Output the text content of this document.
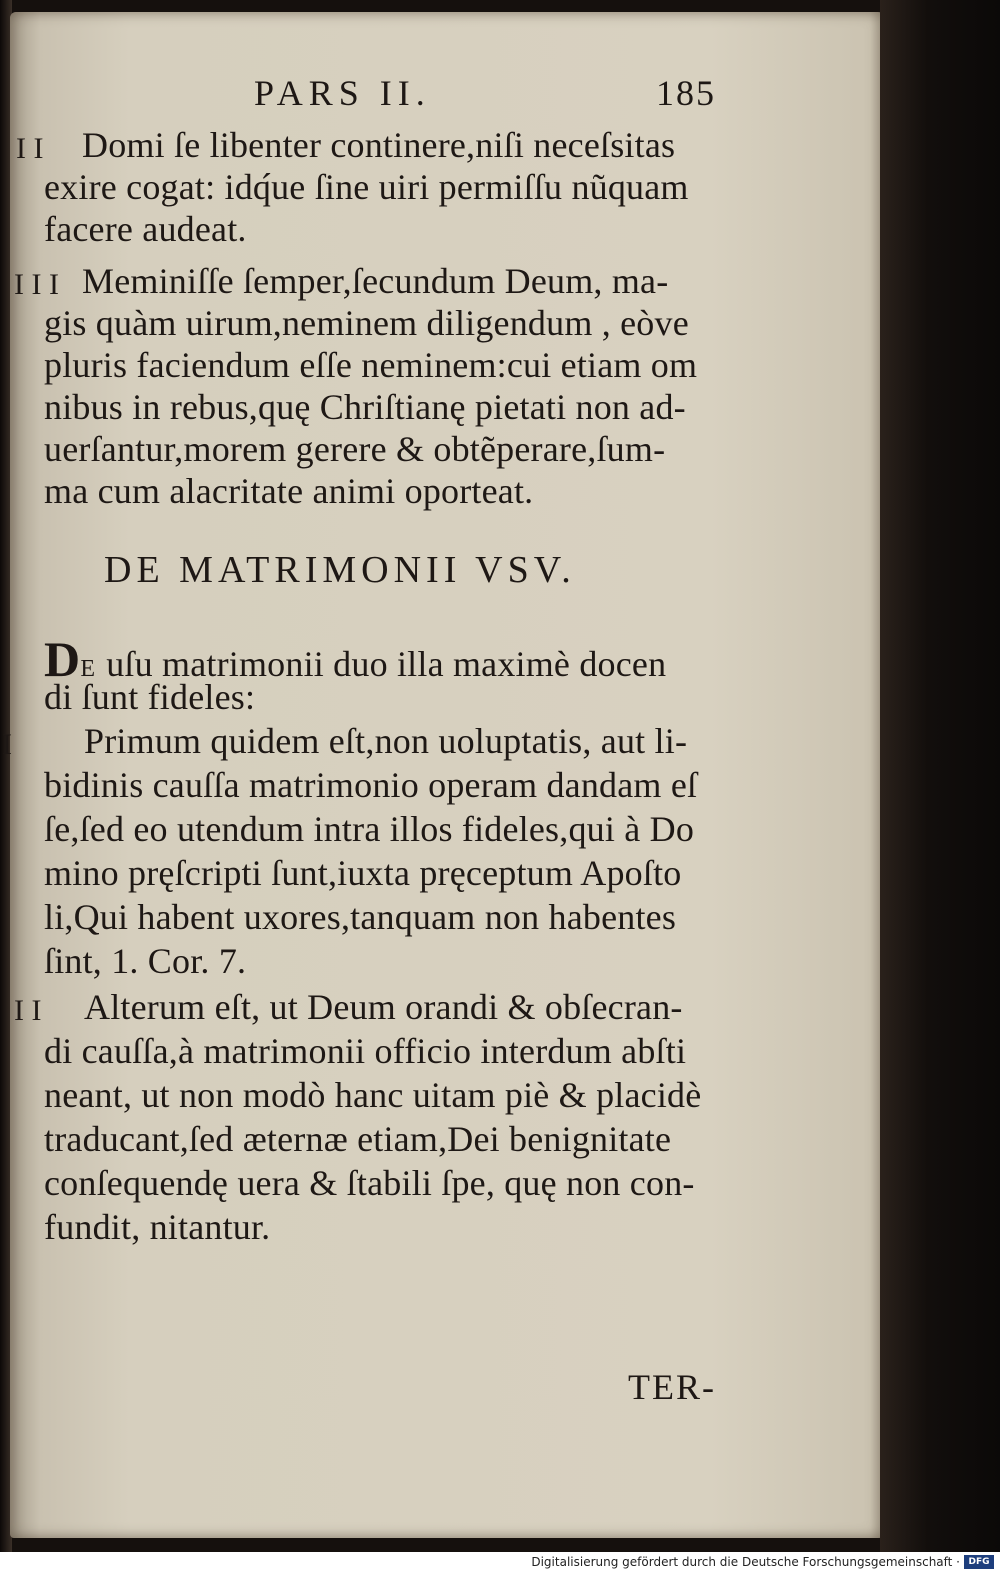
PARS II.	185
I I Domi ſe libenter continere,niſi neceſsitas
exire cogat: idq́ue ſine uiri permiſſu nũquam
facere audeat.
I I I Meminiſſe ſemper,ſecundum Deum, ma-
gis quàm uirum,neminem diligendum , eòve
pluris faciendum eſſe neminem:cui etiam om
nibus in rebus,quę Chriſtianę pietati non ad-
uerſantur,morem gerere & obtẽperare,ſum-
ma cum alacritate animi oporteat.
DE MATRIMONII VSV.
DE uſu matrimonii duo illa maximè docen
di ſunt fideles:
I Primum quidem eſt,non uoluptatis, aut li-
bidinis cauſſa matrimonio operam dandam eſ
ſe,ſed eo utendum intra illos fideles,qui à Do
mino pręſcripti ſunt,iuxta pręceptum Apoſto
li,Qui habent uxores,tanquam non habentes
ſint, 1. Cor. 7.
I I Alterum eſt, ut Deum orandi & obſecran-
di cauſſa,à matrimonii officio interdum abſti
neant, ut non modò hanc uitam piè & placidè
traducant,ſed æternæ etiam,Dei benignitate
conſequendę uera & ſtabili ſpe, quę non con-
fundit, nitantur.
TER-
Digitalisierung gefördert durch die Deutsche Forschungsgemeinschaft · DFG
